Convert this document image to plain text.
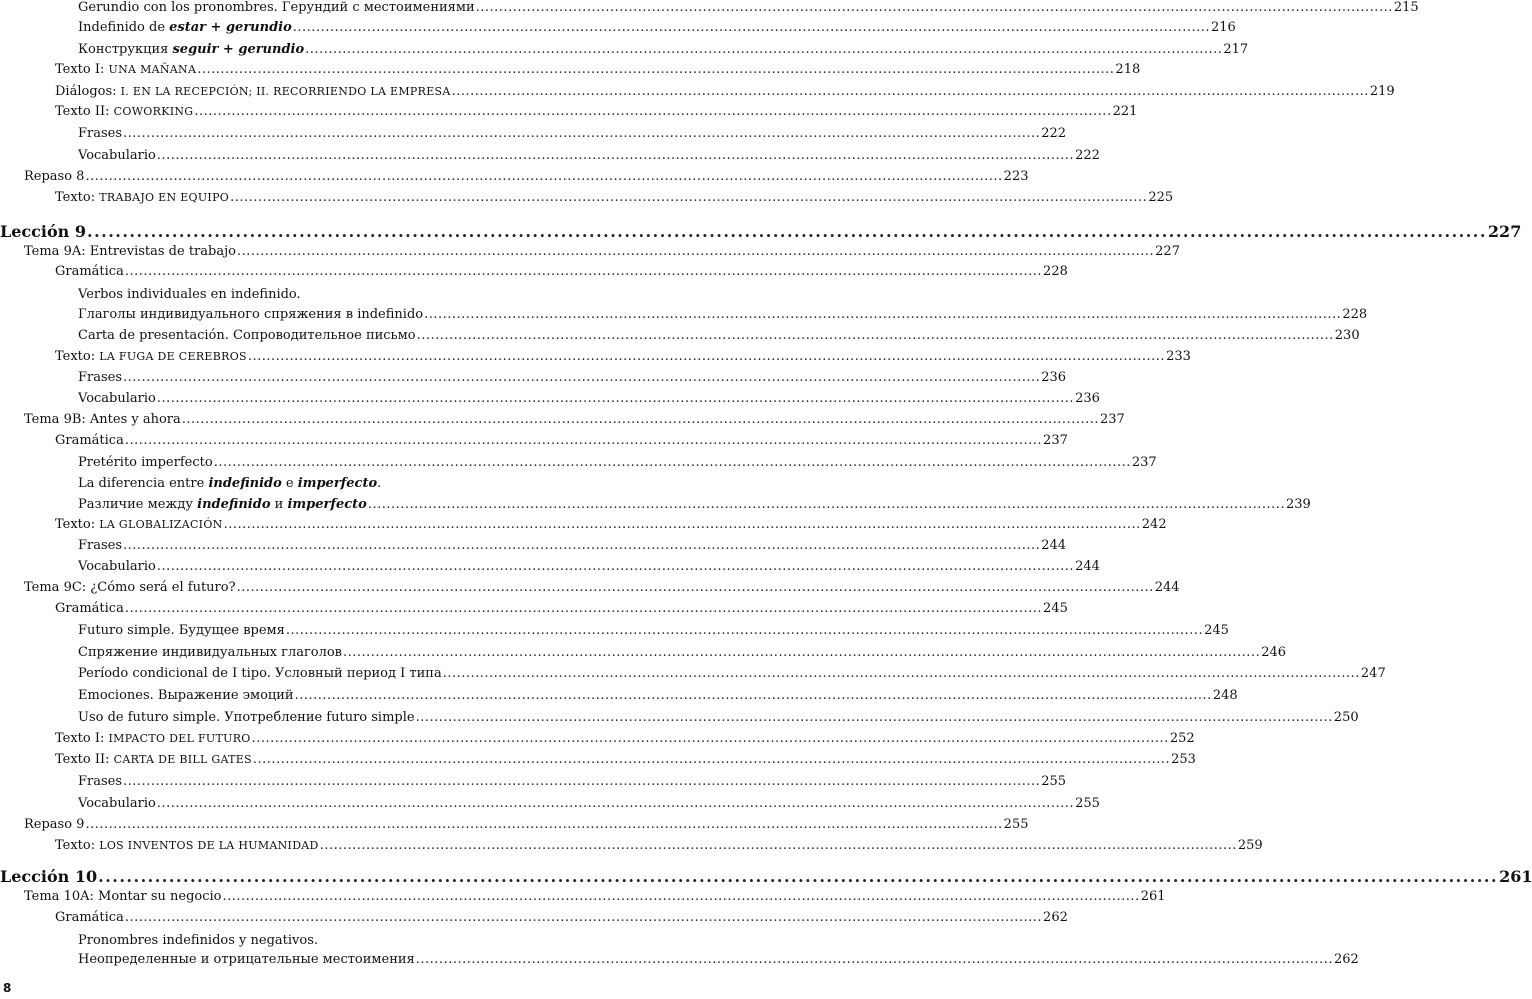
Gerundio con los pronombres. Герундий с местоимениями .....	215
Indefinido de estar + gerundio .....	216
Конструкция seguir + gerundio .....	217
Texto I: UNA MAÑANA .....	218
Diálogos: I. EN LA RECEPCIÓN; II. RECORRIENDO LA EMPRESA .....	219
Texto II: COWORKING .....	221
Frases .....	222
Vocabulario .....	222
Repaso 8 .....	223
Texto: TRABAJO EN EQUIPO .....	225
Lección 9 .....	227
Tema 9A: Entrevistas de trabajo .....	227
Gramática .....	228
Verbos individuales en indefinido.
Глаголы индивидуального спряжения в indefinido .....	228
Carta de presentación. Сопроводительное письмо .....	230
Texto: LA FUGA DE CEREBROS .....	233
Frases .....	236
Vocabulario .....	236
Tema 9B: Antes y ahora .....	237
Gramática .....	237
Pretérito imperfecto .....	237
La diferencia entre indefinido e imperfecto.
Различие между indefinido и imperfecto .....	239
Texto: LA GLOBALIZACIÓN .....	242
Frases .....	244
Vocabulario .....	244
Tema 9C: ¿Cómo será el futuro? .....	244
Gramática .....	245
Futuro simple. Будущее время .....	245
Спряжение индивидуальных глаголов .....	246
Período condicional de I tipo. Условный период I типа .....	247
Emociones. Выражение эмоций .....	248
Uso de futuro simple. Употребление futuro simple .....	250
Texto I: IMPACTO DEL FUTURO .....	252
Texto II: CARTA DE BILL GATES .....	253
Frases .....	255
Vocabulario .....	255
Repaso 9 .....	255
Texto: LOS INVENTOS DE LA HUMANIDAD .....	259
Lección 10 .....	261
Tema 10A: Montar su negocio .....	261
Gramática .....	262
Pronombres indefinidos y negativos.
Неопределенные и отрицательные местоимения .....	262
8
